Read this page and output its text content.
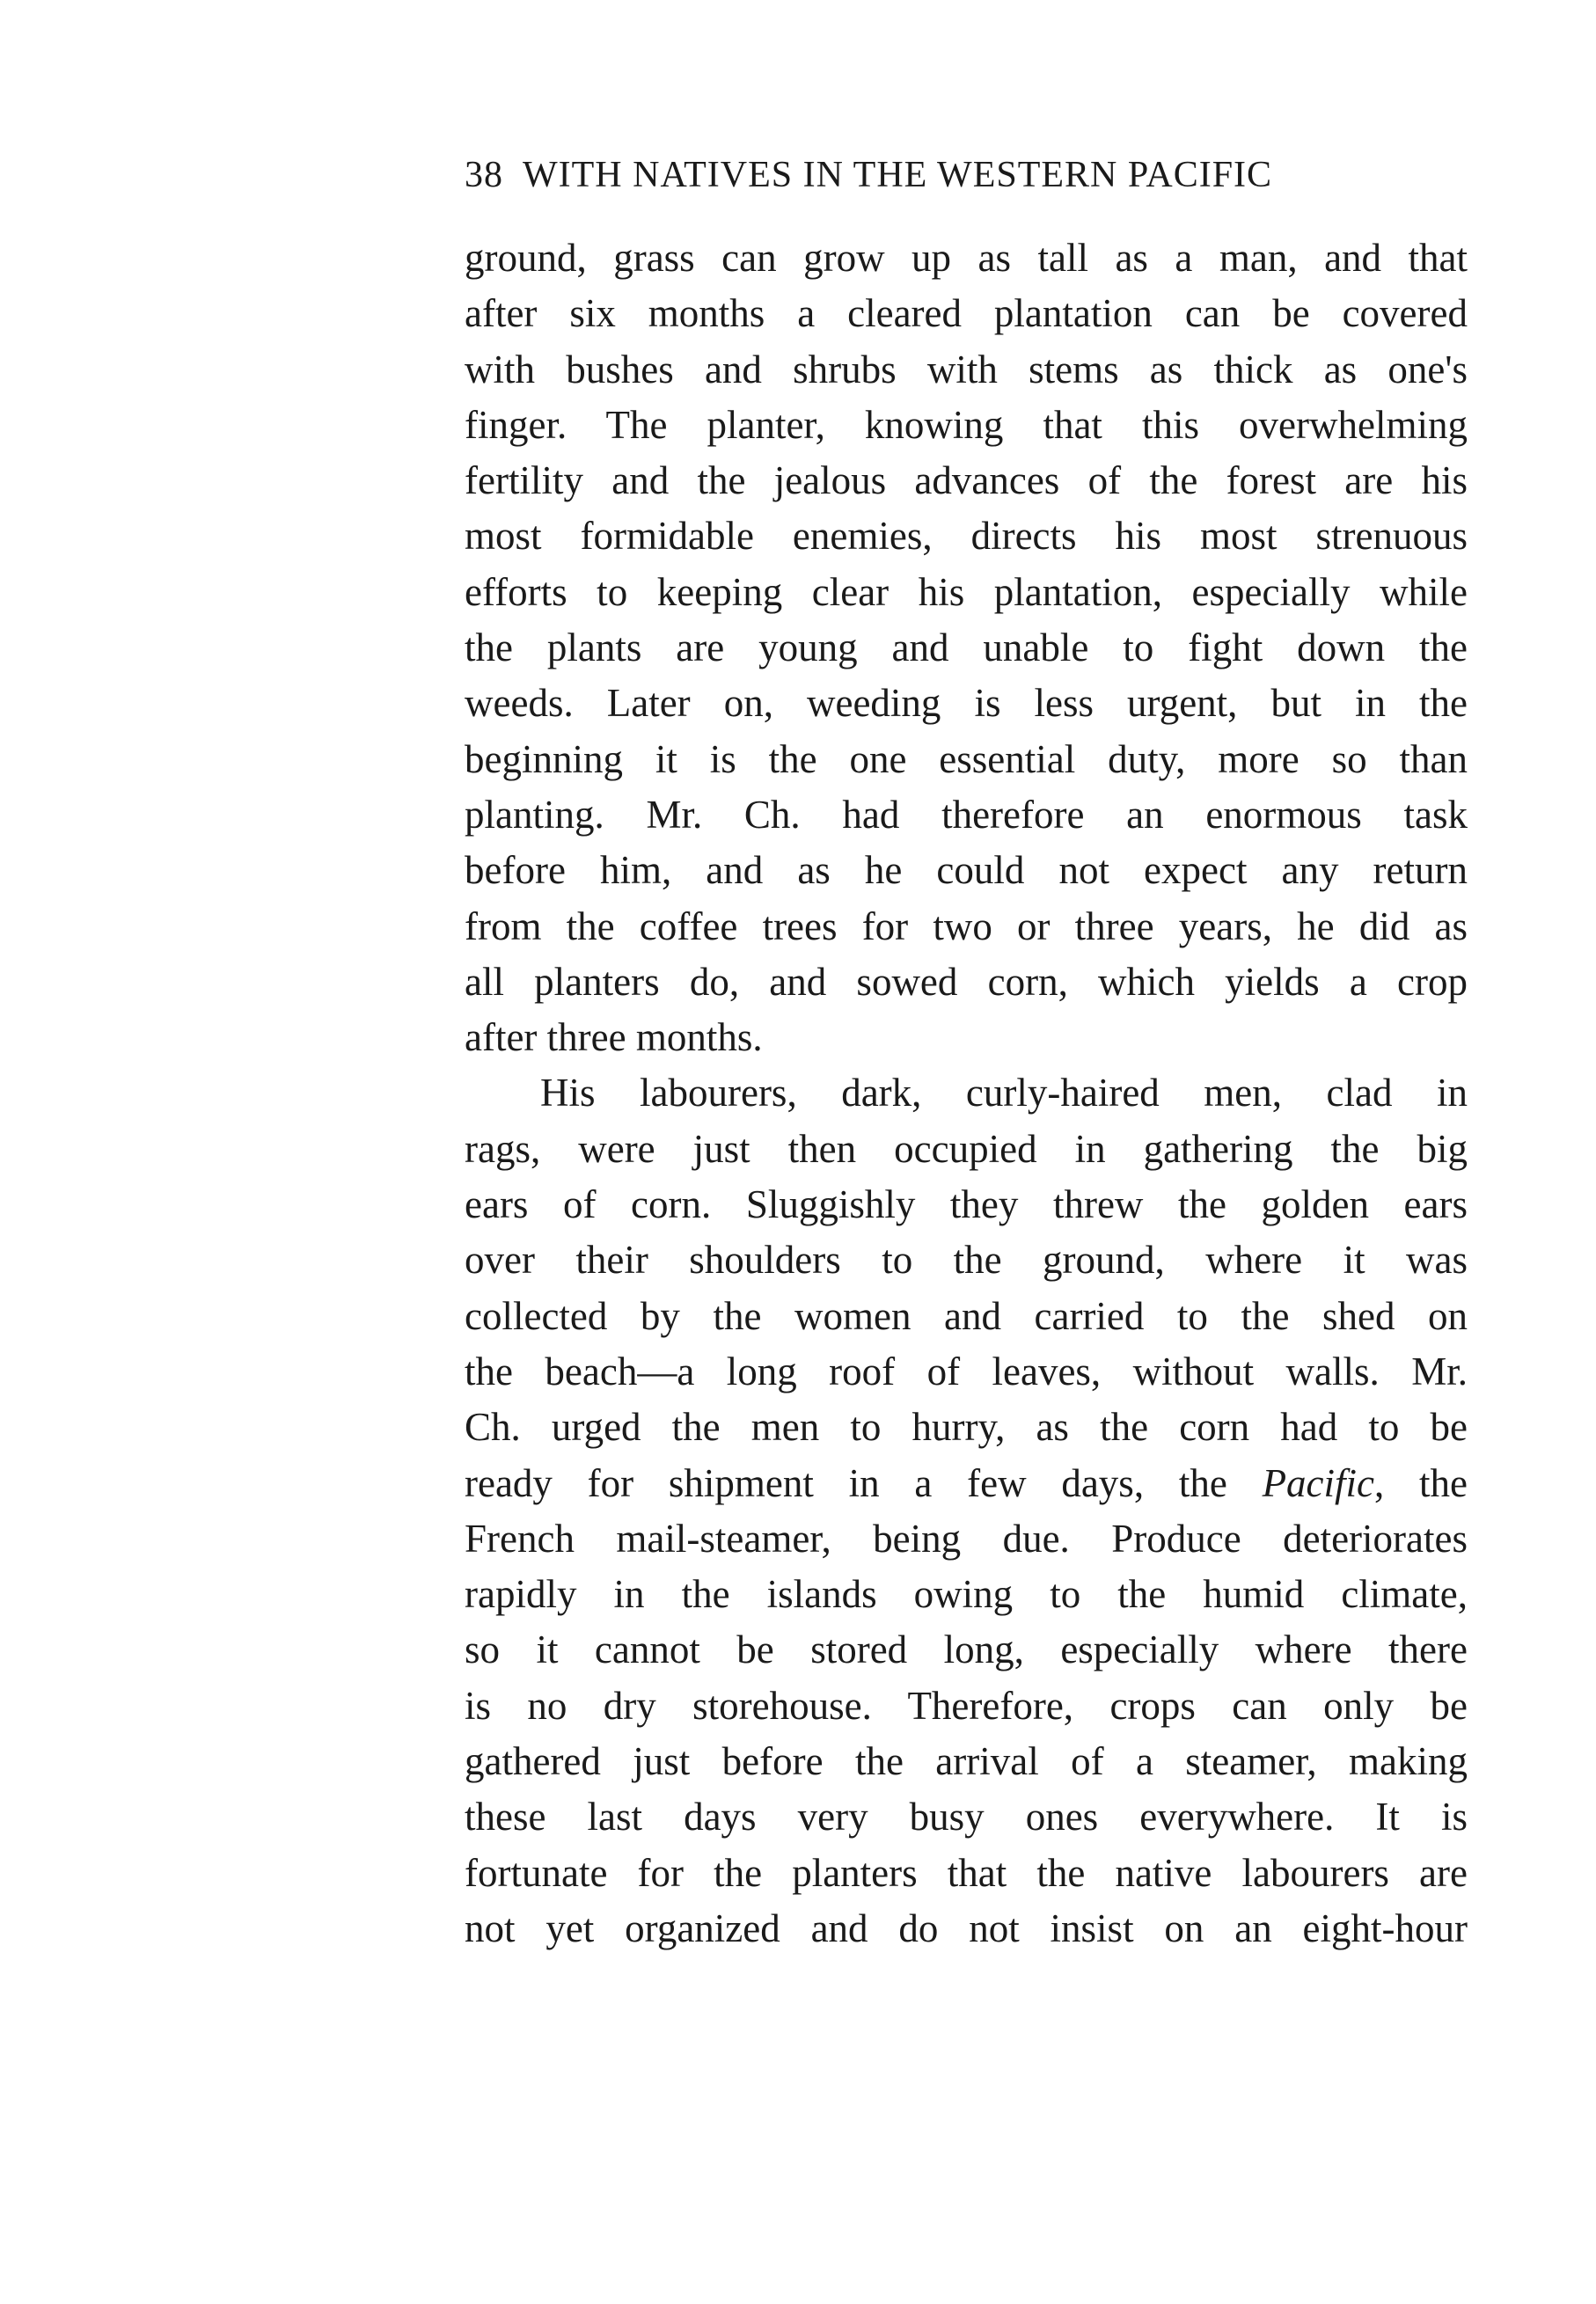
38 WITH NATIVES IN THE WESTERN PACIFIC
ground, grass can grow up as tall as a man, and that
after six months a cleared plantation can be covered
with bushes and shrubs with stems as thick as one's
finger. The planter, knowing that this overwhelming
fertility and the jealous advances of the forest are his
most formidable enemies, directs his most strenuous
efforts to keeping clear his plantation, especially while
the plants are young and unable to fight down the
weeds. Later on, weeding is less urgent, but in the
beginning it is the one essential duty, more so than
planting. Mr. Ch. had therefore an enormous task
before him, and as he could not expect any return
from the coffee trees for two or three years, he did as
all planters do, and sowed corn, which yields a crop
after three months.
His labourers, dark, curly-haired men, clad in
rags, were just then occupied in gathering the big
ears of corn. Sluggishly they threw the golden ears
over their shoulders to the ground, where it was
collected by the women and carried to the shed on
the beach—a long roof of leaves, without walls. Mr.
Ch. urged the men to hurry, as the corn had to be
ready for shipment in a few days, the Pacific, the
French mail-steamer, being due. Produce deteriorates
rapidly in the islands owing to the humid climate,
so it cannot be stored long, especially where there
is no dry storehouse. Therefore, crops can only be
gathered just before the arrival of a steamer, making
these last days very busy ones everywhere. It is
fortunate for the planters that the native labourers are
not yet organized and do not insist on an eight-hour
